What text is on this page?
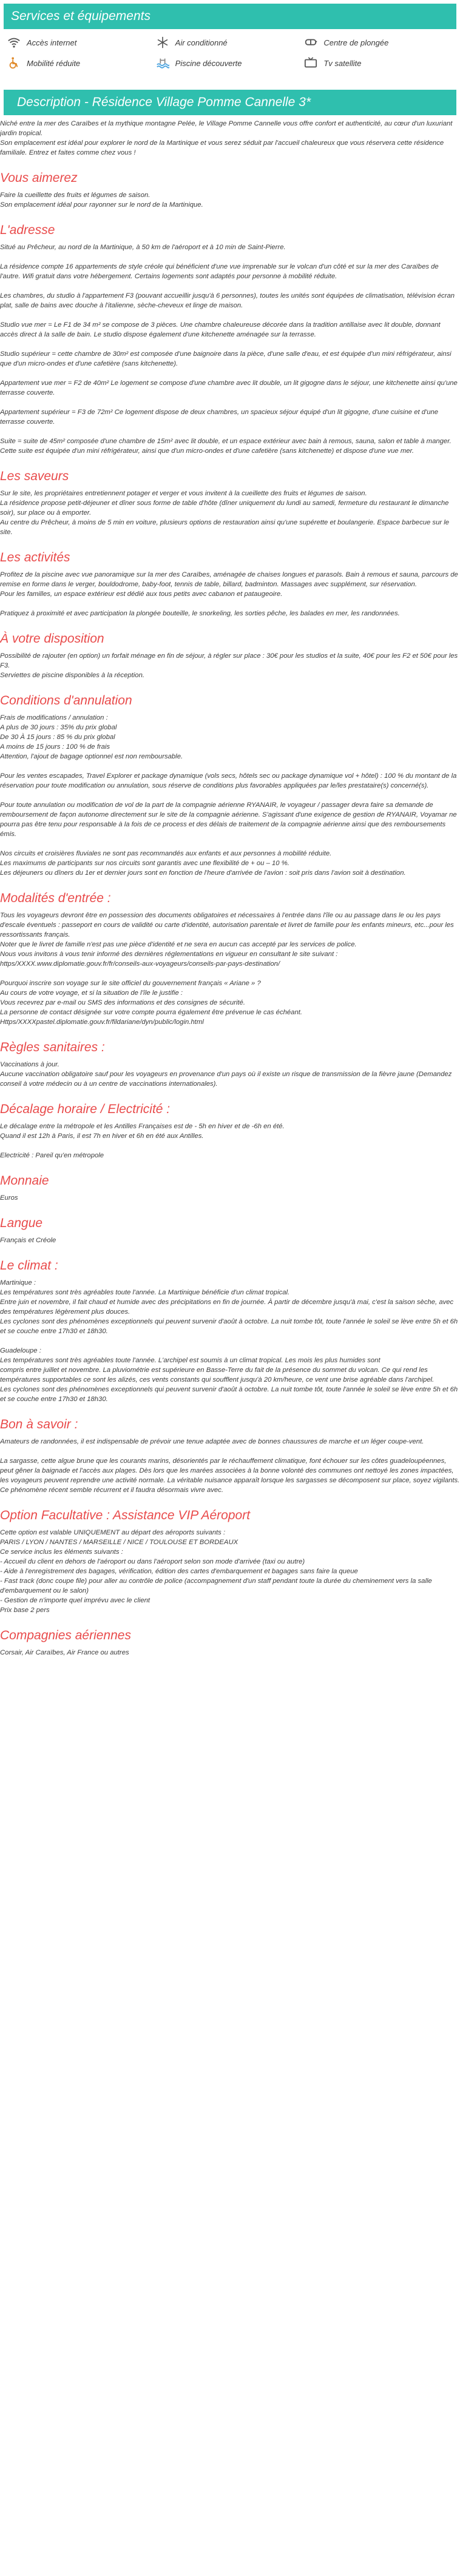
Services et équipements
Accès internet	Air conditionné	Centre de plongée
Mobilité réduite	Piscine découverte	Tv satellite
Description - Résidence Village Pomme Cannelle 3*
Niché entre la mer des Caraïbes et la mythique montagne Pelée, le Village Pomme Cannelle vous offre confort et authenticité, au cœur d'un luxuriant jardin tropical.
Son emplacement est idéal pour explorer le nord de la Martinique et vous serez séduit par l'accueil chaleureux que vous réservera cette résidence familiale. Entrez et faites comme chez vous !
Vous aimerez
Faire la cueillette des fruits et légumes de saison.
Son emplacement idéal pour rayonner sur le nord de la Martinique.
L'adresse
Situé au Prêcheur, au nord de la Martinique, à 50 km de l'aéroport et à 10 min de Saint-Pierre.
La résidence compte 16 appartements de style créole qui bénéficient d'une vue imprenable sur le volcan d'un côté et sur la mer des Caraïbes de l'autre. Wifi gratuit dans votre hébergement. Certains logements sont adaptés pour personne à mobilité réduite.
Les chambres, du studio à l'appartement F3 (pouvant accueillir jusqu'à 6 personnes), toutes les unités sont équipées de climatisation, télévision écran plat, salle de bains avec douche à l'italienne, sèche-cheveux et linge de maison.
Studio vue mer = Le F1 de 34 m² se compose de 3 pièces. Une chambre chaleureuse décorée dans la tradition antillaise avec lit double, donnant accès direct à la salle de bain. Le studio dispose également d'une kitchenette aménagée sur la terrasse.
Studio supérieur = cette chambre de 30m² est composée d'une baignoire dans la pièce, d'une salle d'eau, et est équipée d'un mini réfrigérateur, ainsi que d'un micro-ondes et d'une cafetière (sans kitchenette).
Appartement vue mer = F2 de 40m² Le logement se compose d'une chambre avec lit double, un lit gigogne dans le séjour, une kitchenette ainsi qu'une terrasse couverte.
Appartement supérieur = F3 de 72m² Ce logement dispose de deux chambres, un spacieux séjour équipé d'un lit gigogne, d'une cuisine et d'une terrasse couverte.
Suite = suite de 45m² composée d'une chambre de 15m² avec lit double, et un espace extérieur avec bain à remous, sauna, salon et table à manger. Cette suite est équipée d'un mini réfrigérateur, ainsi que d'un micro-ondes et d'une cafetière (sans kitchenette) et dispose d'une vue mer.
Les saveurs
Sur le site, les propriétaires entretiennent potager et verger et vous invitent à la cueillette des fruits et légumes de saison.
La résidence propose petit-déjeuner et dîner sous forme de table d'hôte (dîner uniquement du lundi au samedi, fermeture du restaurant le dimanche soir), sur place ou à emporter.
Au centre du Prêcheur, à moins de 5 min en voiture, plusieurs options de restauration ainsi qu'une supérette et boulangerie. Espace barbecue sur le site.
Les activités
Profitez de la piscine avec vue panoramique sur la mer des Caraïbes, aménagée de chaises longues et parasols. Bain à remous et sauna, parcours de remise en forme dans le verger, bouldodrome, baby-foot, tennis de table, billard, badminton. Massages avec supplément, sur réservation.
Pour les familles, un espace extérieur est dédié aux tous petits avec cabanon et pataugeoire.
Pratiquez à proximité et avec participation la plongée bouteille, le snorkeling, les sorties pêche, les balades en mer, les randonnées.
À votre disposition
Possibilité de rajouter (en option) un forfait ménage en fin de séjour, à régler sur place : 30€ pour les studios et la suite, 40€ pour les F2 et 50€ pour les F3.
Serviettes de piscine disponibles à la réception.
Conditions d'annulation
Frais de modifications / annulation :
A plus de 30 jours : 35% du prix global
De 30 À 15 jours : 85 % du prix global
A moins de 15 jours : 100 % de frais
Attention, l'ajout de bagage optionnel est non remboursable.
Pour les ventes escapades, Travel Explorer et package dynamique (vols secs, hôtels sec ou package dynamique vol + hôtel) : 100 % du montant de la réservation pour toute modification ou annulation, sous réserve de conditions plus favorables appliquées par le/les prestataire(s) concerné(s).
Pour toute annulation ou modification de vol de la part de la compagnie aérienne RYANAIR, le voyageur / passager devra faire sa demande de remboursement de façon autonome directement sur le site de la compagnie aérienne. S'agissant d'une exigence de gestion de RYANAIR, Voyamar ne pourra pas être tenu pour responsable à la fois de ce process et des délais de traitement de la compagnie aérienne ainsi que des remboursements émis.
Nos circuits et croisières fluviales ne sont pas recommandés aux enfants et aux personnes à mobilité réduite.
Les maximums de participants sur nos circuits sont garantis avec une flexibilité de + ou – 10 %.
Les déjeuners ou dîners du 1er et dernier jours sont en fonction de l'heure d'arrivée de l'avion : soit pris dans l'avion soit à destination.
Modalités d'entrée :
Tous les voyageurs devront être en possession des documents obligatoires et nécessaires à l'entrée dans l'île ou au passage dans le ou les pays d'escale éventuels : passeport en cours de validité ou carte d'identité, autorisation parentale et livret de famille pour les enfants mineurs, etc...pour les ressortissants français.
Noter que le livret de famille n'est pas une pièce d'identité et ne sera en aucun cas accepté par les services de police.
Nous vous invitons à vous tenir informé des dernières réglementations en vigueur en consultant le site suivant : https/XXXX.www.diplomatie.gouv.fr/fr/conseils-aux-voyageurs/conseils-par-pays-destination/
Pourquoi inscrire son voyage sur le site officiel du gouvernement français « Ariane » ?
Au cours de votre voyage, et si la situation de l'île le justifie :
Vous recevrez par e-mail ou SMS des informations et des consignes de sécurité.
La personne de contact désignée sur votre compte pourra également être prévenue le cas échéant.
Https/XXXXpastel.diplomatie.gouv.fr/fildariane/dyn/public/login.html
Règles sanitaires :
Vaccinations à jour.
Aucune vaccination obligatoire sauf pour les voyageurs en provenance d'un pays où il existe un risque de transmission de la fièvre jaune (Demandez conseil à votre médecin ou à un centre de vaccinations internationales).
Décalage horaire / Electricité :
Le décalage entre la métropole et les Antilles Françaises est de - 5h en hiver et de -6h en été.
Quand il est 12h à Paris, il est 7h en hiver et 6h en été aux Antilles.
Electricité : Pareil qu'en métropole
Monnaie
Euros
Langue
Français et Créole
Le climat :
Martinique :
Les températures sont très agréables toute l'année. La Martinique bénéficie d'un climat tropical.
Entre juin et novembre, il fait chaud et humide avec des précipitations en fin de journée. À partir de décembre jusqu'à mai, c'est la saison sèche, avec des températures légèrement plus douces.
Les cyclones sont des phénomènes exceptionnels qui peuvent survenir d'août à octobre. La nuit tombe tôt, toute l'année le soleil se lève entre 5h et 6h et se couche entre 17h30 et 18h30.
Guadeloupe :
Les températures sont très agréables toute l'année. L'archipel est soumis à un climat tropical. Les mois les plus humides sont
compris entre juillet et novembre. La pluviométrie est supérieure en Basse-Terre du fait de la présence du sommet du volcan. Ce qui rend les températures supportables ce sont les alizés, ces vents constants qui soufflent jusqu'à 20 km/heure, ce vent une brise agréable dans l'archipel.
Les cyclones sont des phénomènes exceptionnels qui peuvent survenir d'août à octobre. La nuit tombe tôt, toute l'année le soleil se lève entre 5h et 6h et se couche entre 17h30 et 18h30.
Bon à savoir :
Amateurs de randonnées, il est indispensable de prévoir une tenue adaptée avec de bonnes chaussures de marche et un léger coupe-vent.
La sargasse, cette algue brune que les courants marins, désorientés par le réchauffement climatique, font échouer sur les côtes guadeloupéennes, peut gêner la baignade et l'accès aux plages. Dès lors que les marées associées à la bonne volonté des communes ont nettoyé les zones impactées, les voyageurs peuvent reprendre une activité normale. La véritable nuisance apparaît lorsque les sargasses se décomposent sur place, soyez vigilants. Ce phénomène récent semble récurrent et il faudra désormais vivre avec.
Option Facultative : Assistance VIP Aéroport
Cette option est valable UNIQUEMENT au départ des aéroports suivants :
PARIS / LYON / NANTES / MARSEILLE / NICE / TOULOUSE ET BORDEAUX
Ce service inclus les éléments suivants :
- Accueil du client en dehors de l'aéroport ou dans l'aéroport selon son mode d'arrivée (taxi ou autre)
- Aide à l'enregistrement des bagages, vérification, édition des cartes d'embarquement et bagages sans faire la queue
- Fast track (donc coupe file) pour aller au contrôle de police (accompagnement d'un staff pendant toute la durée du cheminement vers la salle d'embarquement ou le salon)
- Gestion de n'importe quel imprévu avec le client
Prix base 2 pers
Compagnies aériennes
Corsair, Air Caraïbes, Air France ou autres
